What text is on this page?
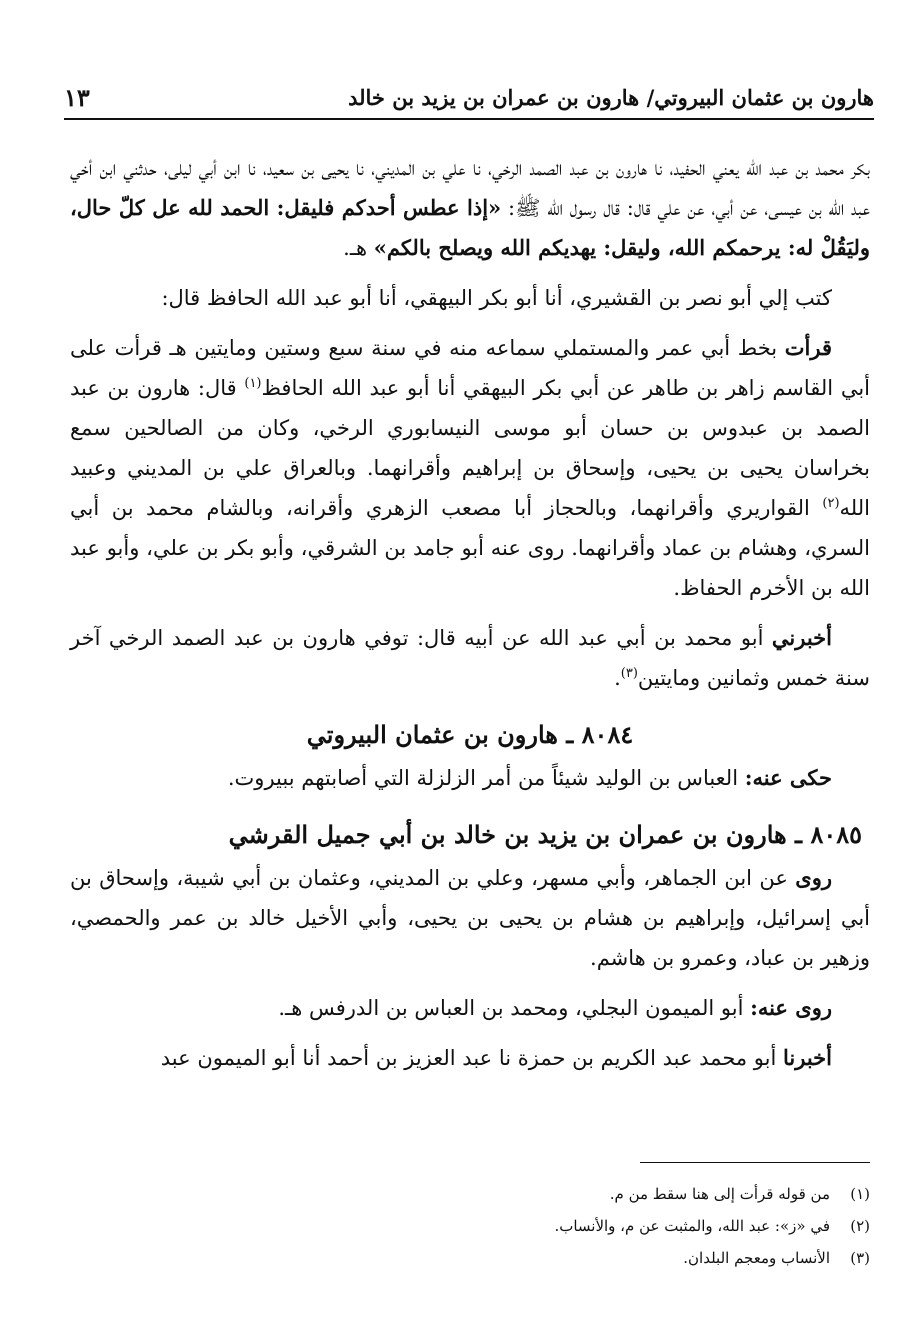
هارون بن عثمان البيروتي/ هارون بن عمران بن يزيد بن خالد
١٣

بكر محمد بن عبد الله يعني الحفيد، نا هارون بن عبد الصمد الرخي، نا علي بن المديني، نا يحيى بن سعيد، نا ابن أبي ليلى، حدثني ابن أخي عبد الله بن عيسى، عن أبي، عن علي قال: قال رسول الله ﷺ: «إذا عطس أحدكم فليقل: الحمد لله عل كلّ حال، وليَقُلْ له: يرحمكم الله، وليقل: يهديكم الله ويصلح بالكم» هـ.

كتب إلي أبو نصر بن القشيري، أنا أبو بكر البيهقي، أنا أبو عبد الله الحافظ قال:

قرأت بخط أبي عمر والمستملي سماعه منه في سنة سبع وستين ومايتين هـ قرأت على أبي القاسم زاهر بن طاهر عن أبي بكر البيهقي أنا أبو عبد الله الحافظ$^{(١)}$ قال: هارون بن عبد الصمد بن عبدوس بن حسان أبو موسى النيسابوري الرخي، وكان من الصالحين سمع بخراسان يحيى بن يحيى، وإسحاق بن إبراهيم وأقرانهما. وبالعراق علي بن المديني وعبيد الله$^{(٢)}$ القواريري وأقرانهما، وبالحجاز أبا مصعب الزهري وأقرانه، وبالشام محمد بن أبي السري، وهشام بن عماد وأقرانهما. روى عنه أبو جامد بن الشرقي، وأبو بكر بن علي، وأبو عبد الله بن الأخرم الحفاظ.

أخبرني أبو محمد بن أبي عبد الله عن أبيه قال: توفي هارون بن عبد الصمد الرخي آخر سنة خمس وثمانين ومايتين$^{(٣)}$.

٨٠٨٤ ـ هارون بن عثمان البيروتي

حكى عنه: العباس بن الوليد شيئاً من أمر الزلزلة التي أصابتهم ببيروت.

٨٠٨٥ ـ هارون بن عمران بن يزيد بن خالد بن أبي جميل القرشي

روى عن ابن الجماهر، وأبي مسهر، وعلي بن المديني، وعثمان بن أبي شيبة، وإسحاق بن أبي إسرائيل، وإبراهيم بن هشام بن يحيى بن يحيى، وأبي الأخيل خالد بن عمر والحمصي، وزهير بن عباد، وعمرو بن هاشم.

روى عنه: أبو الميمون البجلي، ومحمد بن العباس بن الدرفس هـ.

أخبرنا أبو محمد عبد الكريم بن حمزة نا عبد العزيز بن أحمد أنا أبو الميمون عبد

(١)
من قوله قرأت إلى هنا سقط من م.
(٢)
في «ز»: عبد الله، والمثبت عن م، والأنساب.
(٣)
الأنساب ومعجم البلدان.
